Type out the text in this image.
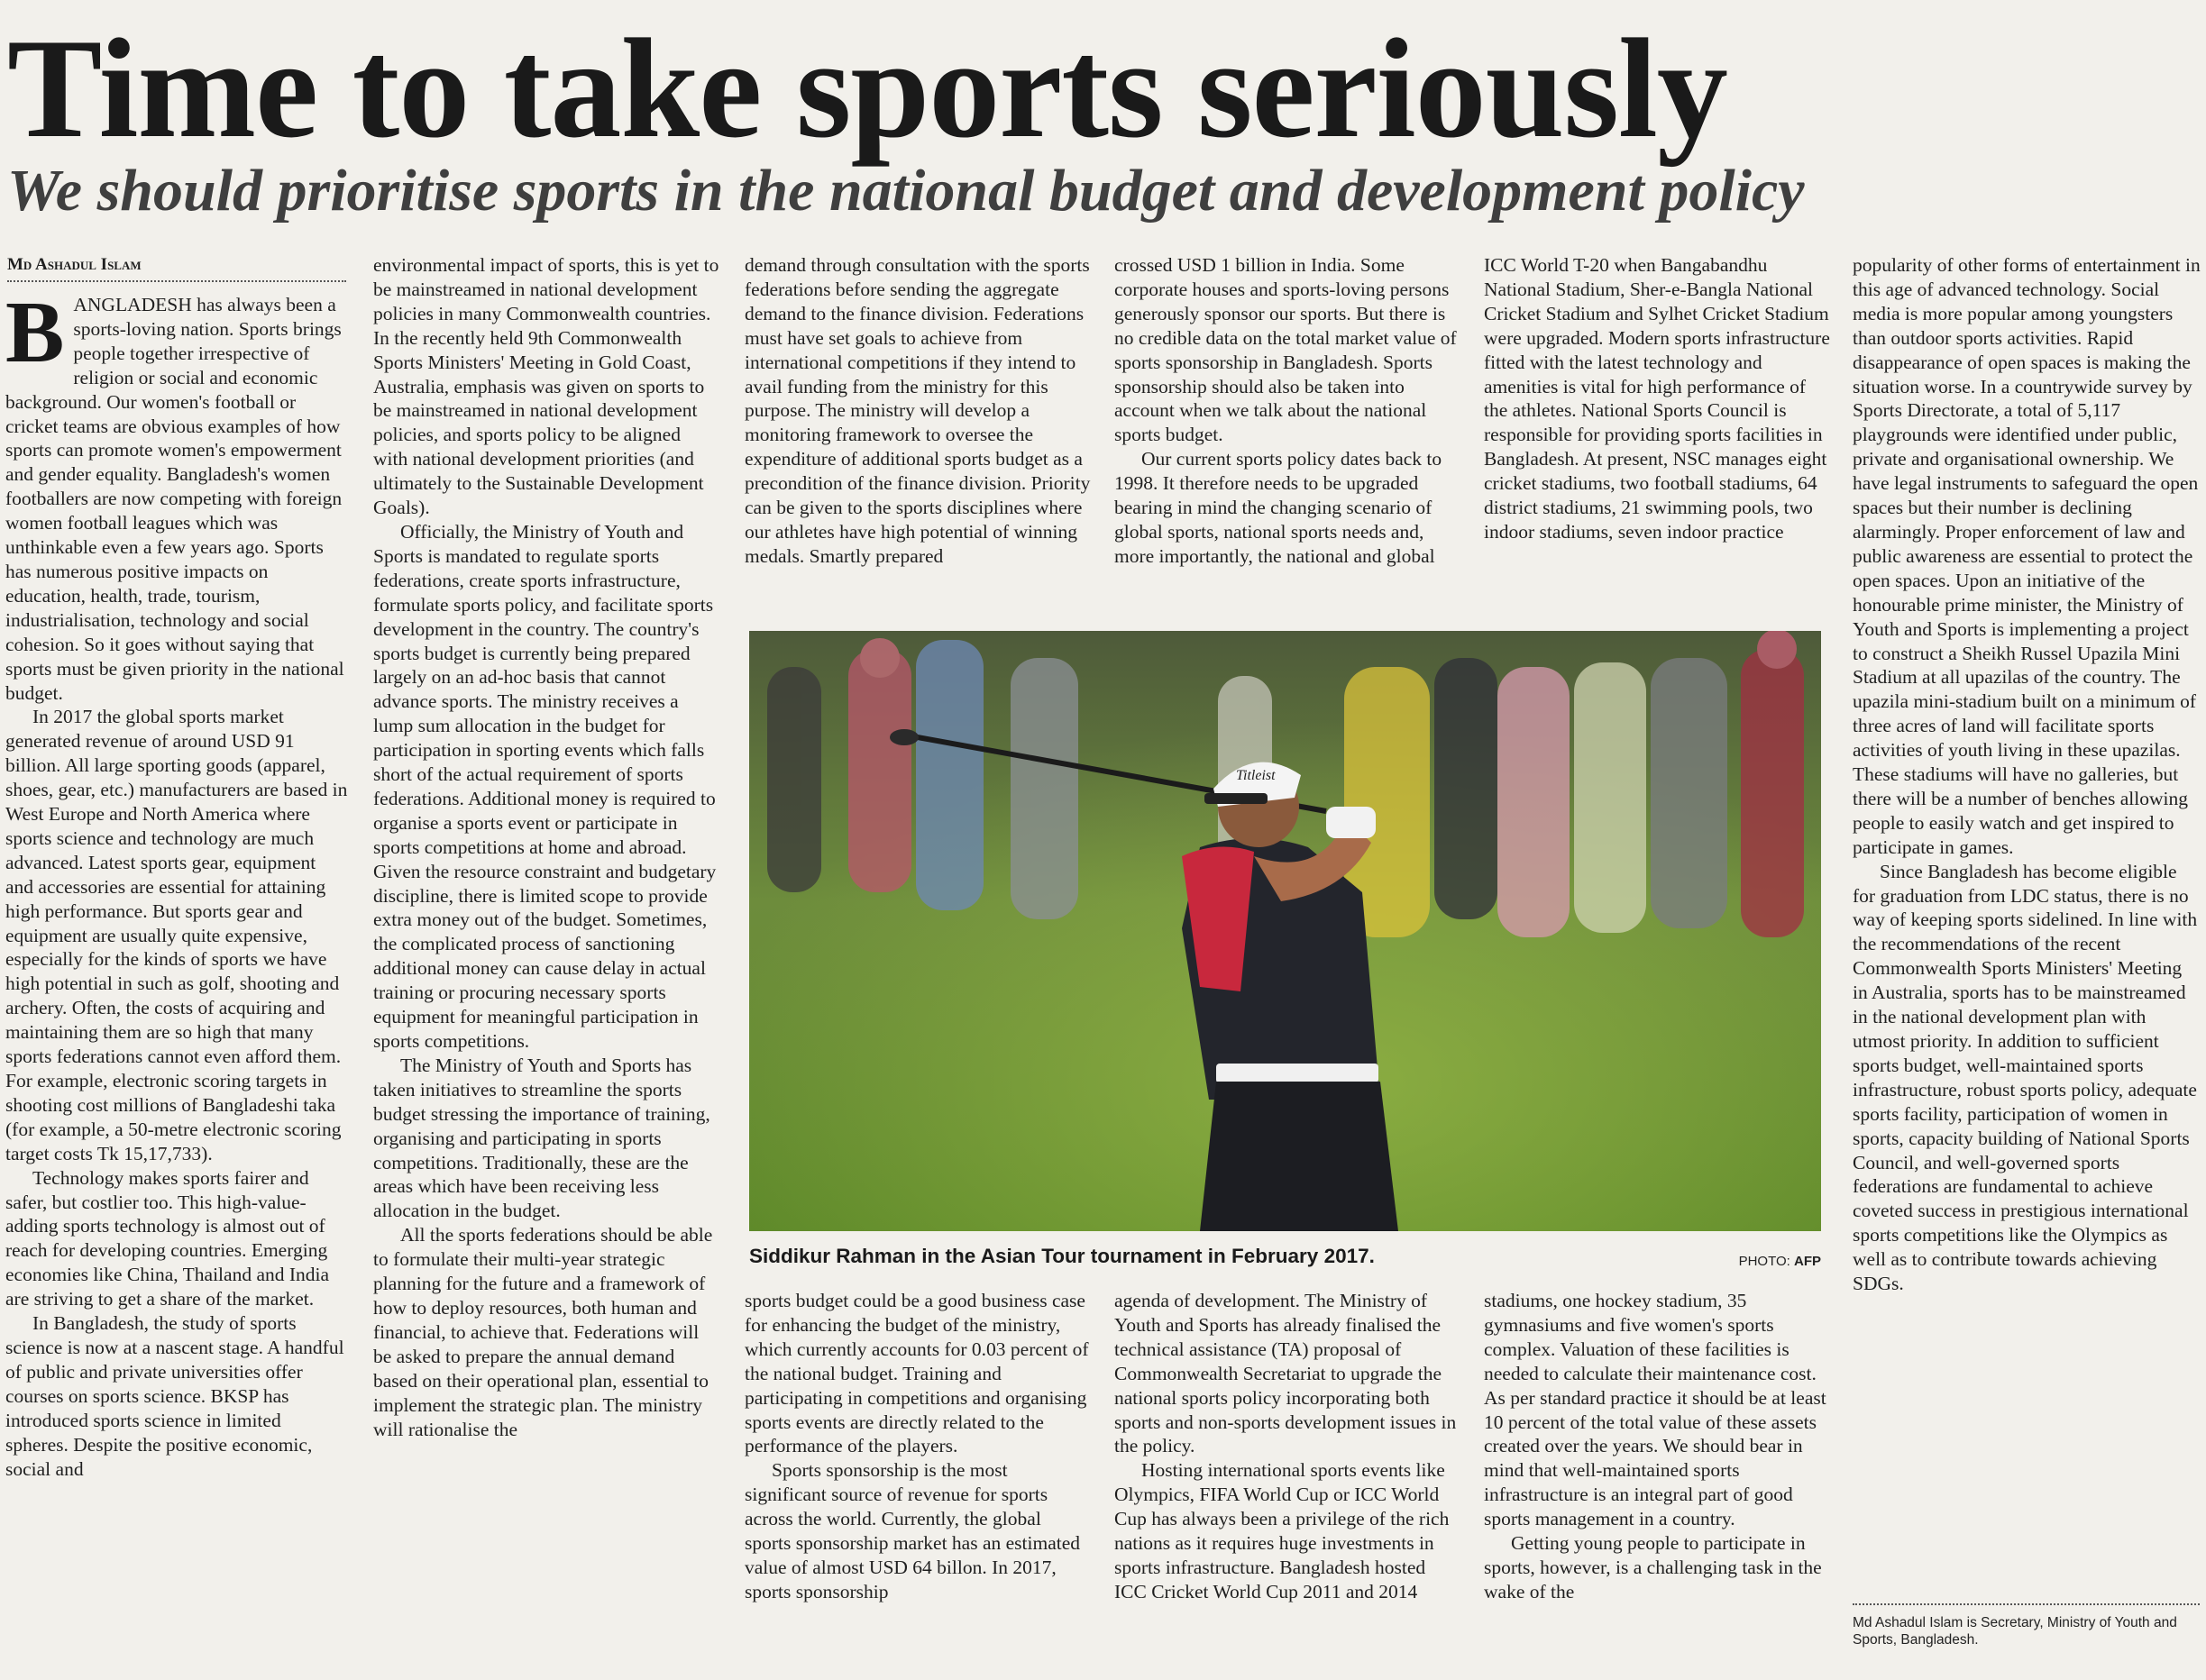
Time to take sports seriously
We should prioritise sports in the national budget and development policy
Md Ashadul Islam
B ANGLADESH has always been a sports-loving nation. Sports brings people together irrespective of religion or social and economic background. Our women's football or cricket teams are obvious examples of how sports can promote women's empowerment and gender equality. Bangladesh's women footballers are now competing with foreign women football leagues which was unthinkable even a few years ago. Sports has numerous positive impacts on education, health, trade, tourism, industrialisation, technology and social cohesion. So it goes without saying that sports must be given priority in the national budget.

In 2017 the global sports market generated revenue of around USD 91 billion. All large sporting goods (apparel, shoes, gear, etc.) manufacturers are based in West Europe and North America where sports science and technology are much advanced. Latest sports gear, equipment and accessories are essential for attaining high performance. But sports gear and equipment are usually quite expensive, especially for the kinds of sports we have high potential in such as golf, shooting and archery. Often, the costs of acquiring and maintaining them are so high that many sports federations cannot even afford them. For example, electronic scoring targets in shooting cost millions of Bangladeshi taka (for example, a 50-metre electronic scoring target costs Tk 15,17,733).

Technology makes sports fairer and safer, but costlier too. This high-value-adding sports technology is almost out of reach for developing countries. Emerging economies like China, Thailand and India are striving to get a share of the market.

In Bangladesh, the study of sports science is now at a nascent stage. A handful of public and private universities offer courses on sports science. BKSP has introduced sports science in limited spheres. Despite the positive economic, social and

environmental impact of sports, this is yet to be mainstreamed in national development policies in many Commonwealth countries. In the recently held 9th Commonwealth Sports Ministers' Meeting in Gold Coast, Australia, emphasis was given on sports to be mainstreamed in national development policies, and sports policy to be aligned with national development priorities (and ultimately to the Sustainable Development Goals).

Officially, the Ministry of Youth and Sports is mandated to regulate sports federations, create sports infrastructure, formulate sports policy, and facilitate sports development in the country. The country's sports budget is currently being prepared largely on an ad-hoc basis that cannot advance sports. The ministry receives a lump sum allocation in the budget for participation in sporting events which falls short of the actual requirement of sports federations. Additional money is required to organise a sports event or participate in sports competitions at home and abroad. Given the resource constraint and budgetary discipline, there is limited scope to provide extra money out of the budget. Sometimes, the complicated process of sanctioning additional money can cause delay in actual training or procuring necessary sports equipment for meaningful participation in sports competitions.

The Ministry of Youth and Sports has taken initiatives to streamline the sports budget stressing the importance of training, organising and participating in sports competitions. Traditionally, these are the areas which have been receiving less allocation in the budget.

All the sports federations should be able to formulate their multi-year strategic planning for the future and a framework of how to deploy resources, both human and financial, to achieve that. Federations will be asked to prepare the annual demand based on their operational plan, essential to implement the strategic plan. The ministry will rationalise the

demand through consultation with the sports federations before sending the aggregate demand to the finance division. Federations must have set goals to achieve from international competitions if they intend to avail funding from the ministry for this purpose. The ministry will develop a monitoring framework to oversee the expenditure of additional sports budget as a precondition of the finance division. Priority can be given to the sports disciplines where our athletes have high potential of winning medals. Smartly prepared

crossed USD 1 billion in India. Some corporate houses and sports-loving persons generously sponsor our sports. But there is no credible data on the total market value of sports sponsorship in Bangladesh. Sports sponsorship should also be taken into account when we talk about the national sports budget.

Our current sports policy dates back to 1998. It therefore needs to be upgraded bearing in mind the changing scenario of global sports, national sports needs and, more importantly, the national and global

ICC World T-20 when Bangabandhu National Stadium, Sher-e-Bangla National Cricket Stadium and Sylhet Cricket Stadium were upgraded. Modern sports infrastructure fitted with the latest technology and amenities is vital for high performance of the athletes. National Sports Council is responsible for providing sports facilities in Bangladesh. At present, NSC manages eight cricket stadiums, two football stadiums, 64 district stadiums, 21 swimming pools, two indoor stadiums, seven indoor practice

popularity of other forms of entertainment in this age of advanced technology. Social media is more popular among youngsters than outdoor sports activities. Rapid disappearance of open spaces is making the situation worse. In a countrywide survey by Sports Directorate, a total of 5,117 playgrounds were identified under public, private and organisational ownership. We have legal instruments to safeguard the open spaces but their number is declining alarmingly. Proper enforcement of law and public awareness are essential to protect the open spaces. Upon an initiative of the honourable prime minister, the Ministry of Youth and Sports is implementing a project to construct a Sheikh Russel Upazila Mini Stadium at all upazilas of the country. The upazila mini-stadium built on a minimum of three acres of land will facilitate sports activities of youth living in these upazilas. These stadiums will have no galleries, but there will be a number of benches allowing people to easily watch and get inspired to participate in games.

Since Bangladesh has become eligible for graduation from LDC status, there is no way of keeping sports sidelined. In line with the recommendations of the recent Commonwealth Sports Ministers' Meeting in Australia, sports has to be mainstreamed in the national development plan with utmost priority. In addition to sufficient sports budget, well-maintained sports infrastructure, robust sports policy, adequate sports facility, participation of women in sports, capacity building of National Sports Council, and well-governed sports federations are fundamental to achieve coveted success in prestigious international sports competitions like the Olympics as well as to contribute towards achieving SDGs.

Titleist
Siddikur Rahman in the Asian Tour tournament in February 2017.	PHOTO: AFP

sports budget could be a good business case for enhancing the budget of the ministry, which currently accounts for 0.03 percent of the national budget. Training and participating in competitions and organising sports events are directly related to the performance of the players.

Sports sponsorship is the most significant source of revenue for sports across the world. Currently, the global sports sponsorship market has an estimated value of almost USD 64 billon. In 2017, sports sponsorship

agenda of development. The Ministry of Youth and Sports has already finalised the technical assistance (TA) proposal of Commonwealth Secretariat to upgrade the national sports policy incorporating both sports and non-sports development issues in the policy.

Hosting international sports events like Olympics, FIFA World Cup or ICC World Cup has always been a privilege of the rich nations as it requires huge investments in sports infrastructure. Bangladesh hosted ICC Cricket World Cup 2011 and 2014

stadiums, one hockey stadium, 35 gymnasiums and five women's sports complex. Valuation of these facilities is needed to calculate their maintenance cost. As per standard practice it should be at least 10 percent of the total value of these assets created over the years. We should bear in mind that well-maintained sports infrastructure is an integral part of good sports management in a country.

Getting young people to participate in sports, however, is a challenging task in the wake of the

Md Ashadul Islam is Secretary, Ministry of Youth and Sports, Bangladesh.
